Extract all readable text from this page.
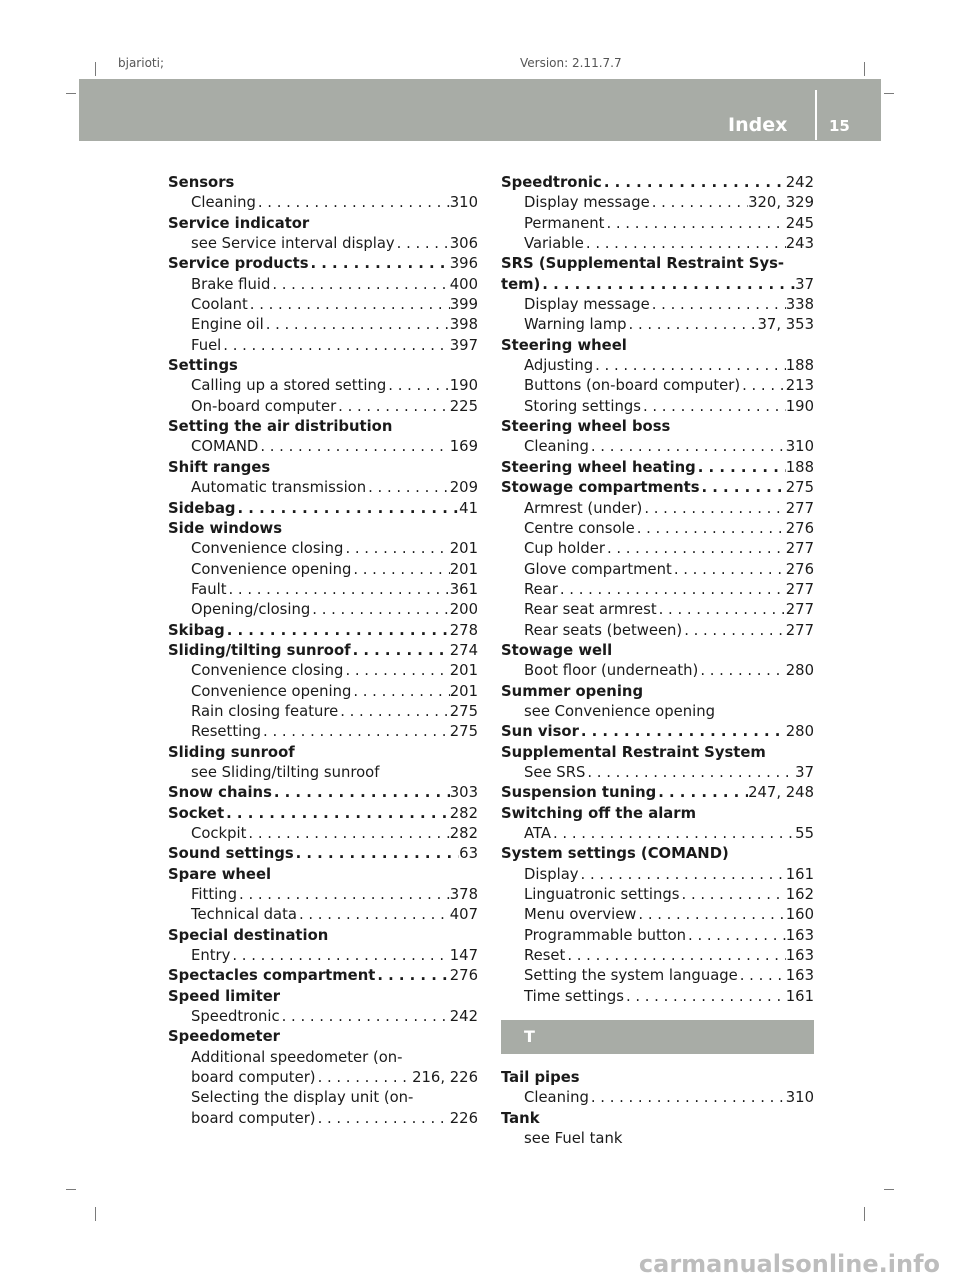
bjarioti;	Version: 2.11.7.7
Index	15
Sensors
Cleaning . . .	310
Service indicator
see Service interval display . . .	306
Service products . . .	396
Brake fluid . . .	400
Coolant . . .	399
Engine oil . . .	398
Fuel . . .	397
Settings
Calling up a stored setting . . .	190
On-board computer . . .	225
Setting the air distribution
COMAND . . .	169
Shift ranges
Automatic transmission . . .	209
Sidebag . . .	41
Side windows
Convenience closing . . .	201
Convenience opening . . .	201
Fault . . .	361
Opening/closing . . .	200
Skibag . . .	278
Sliding/tilting sunroof . . .	274
Convenience closing . . .	201
Convenience opening . . .	201
Rain closing feature . . .	275
Resetting . . .	275
Sliding sunroof
see Sliding/tilting sunroof
Snow chains . . .	303
Socket . . .	282
Cockpit . . .	282
Sound settings . . .	63
Spare wheel
Fitting . . .	378
Technical data . . .	407
Special destination
Entry . . .	147
Spectacles compartment . . .	276
Speed limiter
Speedtronic . . .	242
Speedometer
Additional speedometer (on-
board computer) . . .	216, 226
Selecting the display unit (on-
board computer) . . .	226
Speedtronic . . .	242
Display message . . .	320, 329
Permanent . . .	245
Variable . . .	243
SRS (Supplemental Restraint Sys-
tem) . . .	37
Display message . . .	338
Warning lamp . . .	37, 353
Steering wheel
Adjusting . . .	188
Buttons (on-board computer) . . .	213
Storing settings . . .	190
Steering wheel boss
Cleaning . . .	310
Steering wheel heating . . .	188
Stowage compartments . . .	275
Armrest (under) . . .	277
Centre console . . .	276
Cup holder . . .	277
Glove compartment . . .	276
Rear . . .	277
Rear seat armrest . . .	277
Rear seats (between) . . .	277
Stowage well
Boot floor (underneath) . . .	280
Summer opening
see Convenience opening
Sun visor . . .	280
Supplemental Restraint System
See SRS . . .	37
Suspension tuning . . .	247, 248
Switching off the alarm
ATA . . .	55
System settings (COMAND)
Display . . .	161
Linguatronic settings . . .	162
Menu overview . . .	160
Programmable button . . .	163
Reset . . .	163
Setting the system language . . .	163
Time settings . . .	161
T
Tail pipes
Cleaning . . .	310
Tank
see Fuel tank
carmanualsonline.info
